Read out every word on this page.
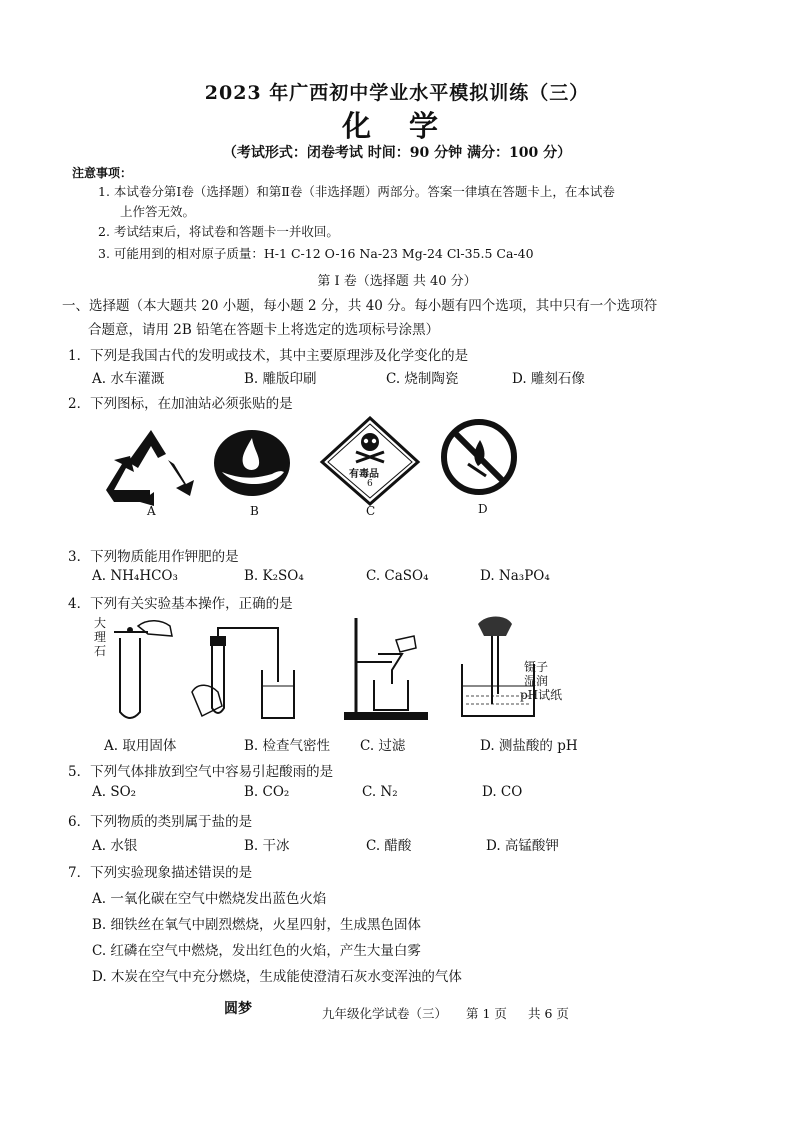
2023 年广西初中学业水平模拟训练（三）
化 学
（考试形式：闭卷考试 时间：90 分钟 满分：100 分）
注意事项：
1. 本试卷分第Ⅰ卷（选择题）和第Ⅱ卷（非选择题）两部分。答案一律填在答题卡上，在本试卷
上作答无效。
2. 考试结束后，将试卷和答题卡一并收回。
3. 可能用到的相对原子质量：H-1 C-12 O-16 Na-23 Mg-24 Cl-35.5 Ca-40
第 Ⅰ 卷（选择题 共 40 分）
一、选择题（本大题共 20 小题，每小题 2 分，共 40 分。每小题有四个选项，其中只有一个选项符
合题意，请用 2B 铅笔在答题卡上将选定的选项标号涂黑）
1．下列是我国古代的发明或技术，其中主要原理涉及化学变化的是
A. 水车灌溉	B. 雕版印刷	C. 烧制陶瓷	D. 雕刻石像
2．下列图标，在加油站必须张贴的是
A	B
有毒品
6
C	D
3．下列物质能用作钾肥的是
A. NH₄HCO₃	B. K₂SO₄	C. CaSO₄	D. Na₃PO₄
4．下列有关实验基本操作，正确的是
大
理
石
镊子
湿润
pH试纸
A. 取用固体	B. 检查气密性 C. 过滤	D. 测盐酸的 pH
5．下列气体排放到空气中容易引起酸雨的是
A. SO₂	B. CO₂	C. N₂	D. CO
6．下列物质的类别属于盐的是
A. 水银	B. 干冰	C. 醋酸	D. 高锰酸钾
7．下列实验现象描述错误的是
A. 一氧化碳在空气中燃烧发出蓝色火焰
B. 细铁丝在氧气中剧烈燃烧，火星四射，生成黑色固体
C. 红磷在空气中燃烧，发出红色的火焰，产生大量白雾
D. 木炭在空气中充分燃烧，生成能使澄清石灰水变浑浊的气体
圆梦	九年级化学试卷（三） 第 1 页 共 6 页
